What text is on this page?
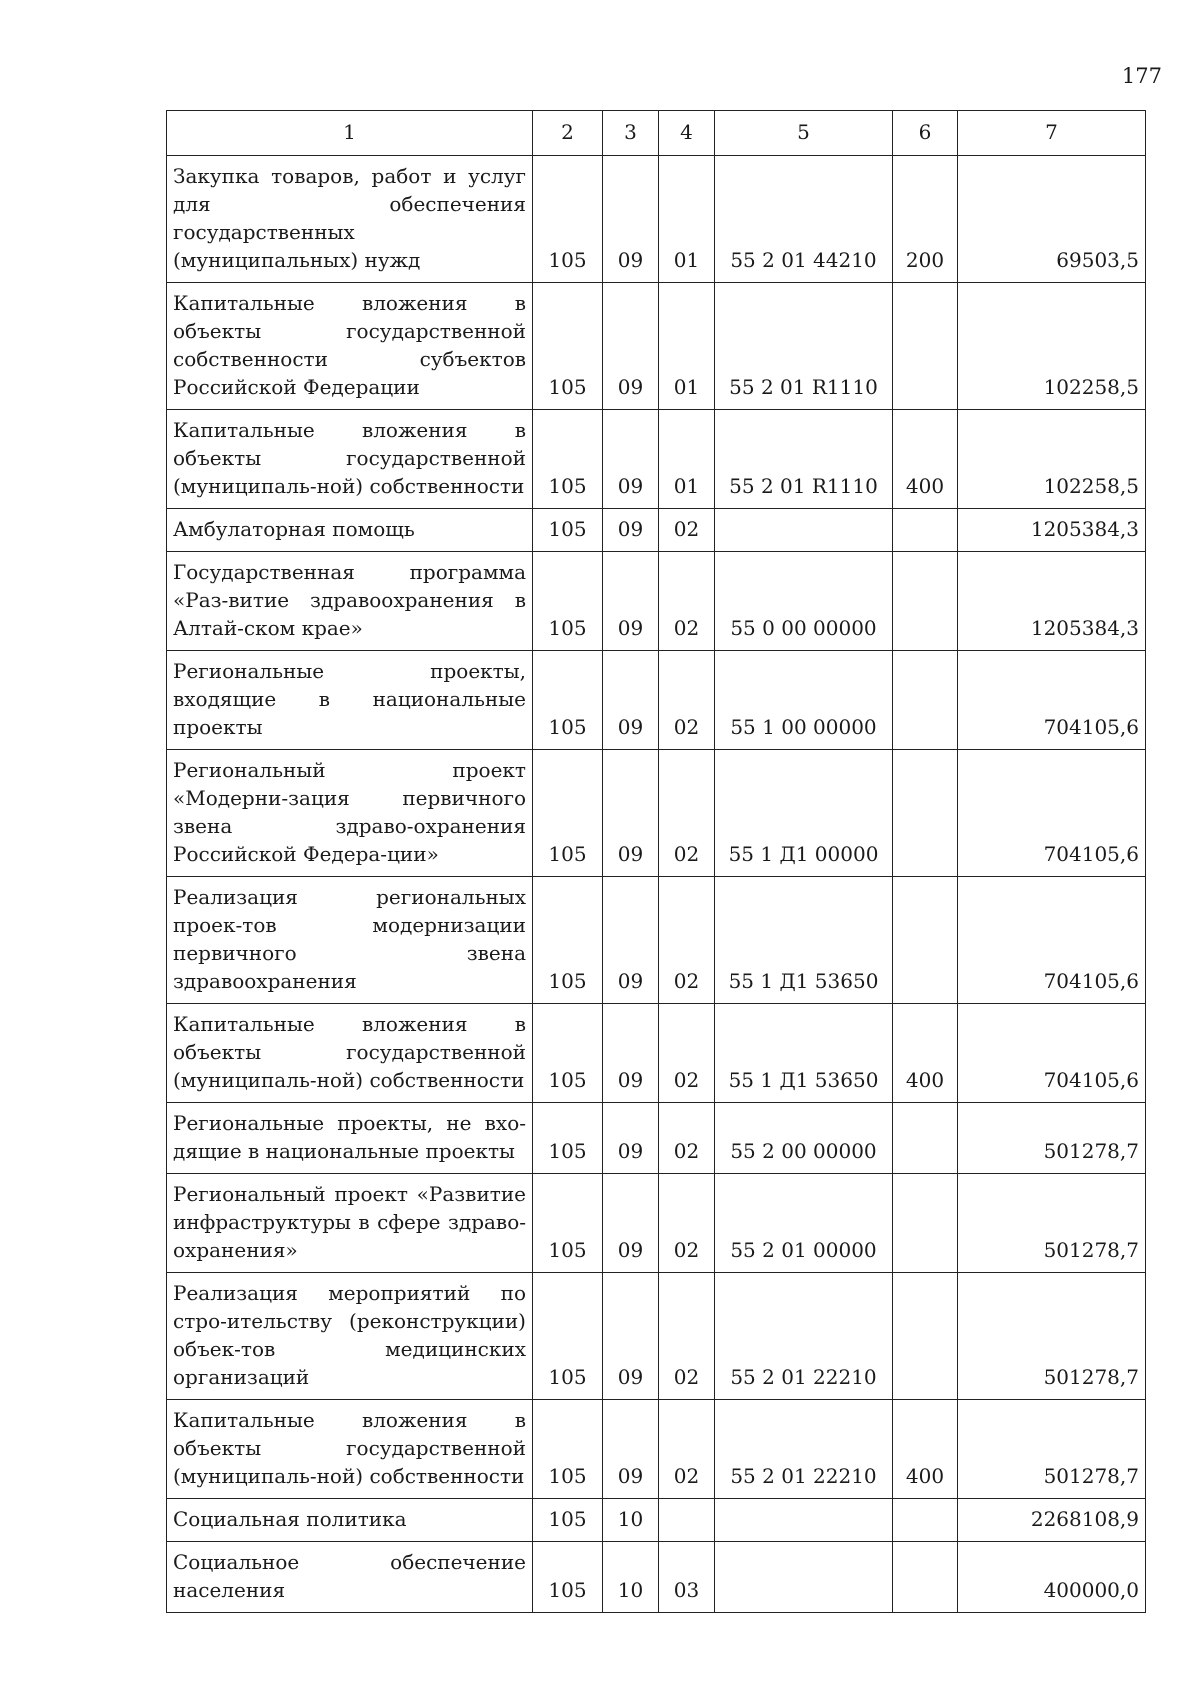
177
1	2	3	4	5	6	7
Закупка товаров, работ и услуг для обеспечения государственных (муниципальных) нужд	105	09	01	55 2 01 44210	200	69503,5
Капитальные вложения в объекты государственной собственности субъектов Российской Федерации	105	09	01	55 2 01 R1110		102258,5
Капитальные вложения в объекты государственной (муниципаль-ной) собственности	105	09	01	55 2 01 R1110	400	102258,5
Амбулаторная помощь	105	09	02			1205384,3
Государственная программа «Раз-витие здравоохранения в Алтай-ском крае»	105	09	02	55 0 00 00000		1205384,3
Региональные проекты, входящие в национальные проекты	105	09	02	55 1 00 00000		704105,6
Региональный проект «Модерни-зация первичного звена здраво-охранения Российской Федера-ции»	105	09	02	55 1 Д1 00000		704105,6
Реализация региональных проек-тов модернизации первичного звена здравоохранения	105	09	02	55 1 Д1 53650		704105,6
Капитальные вложения в объекты государственной (муниципаль-ной) собственности	105	09	02	55 1 Д1 53650	400	704105,6
Региональные проекты, не вхо-дящие в национальные проекты	105	09	02	55 2 00 00000		501278,7
Региональный проект «Развитие инфраструктуры в сфере здраво-охранения»	105	09	02	55 2 01 00000		501278,7
Реализация мероприятий по стро-ительству (реконструкции) объек-тов медицинских организаций	105	09	02	55 2 01 22210		501278,7
Капитальные вложения в объекты государственной (муниципаль-ной) собственности	105	09	02	55 2 01 22210	400	501278,7
Социальная политика	105	10				2268108,9
Социальное обеспечение населения	105	10	03			400000,0
